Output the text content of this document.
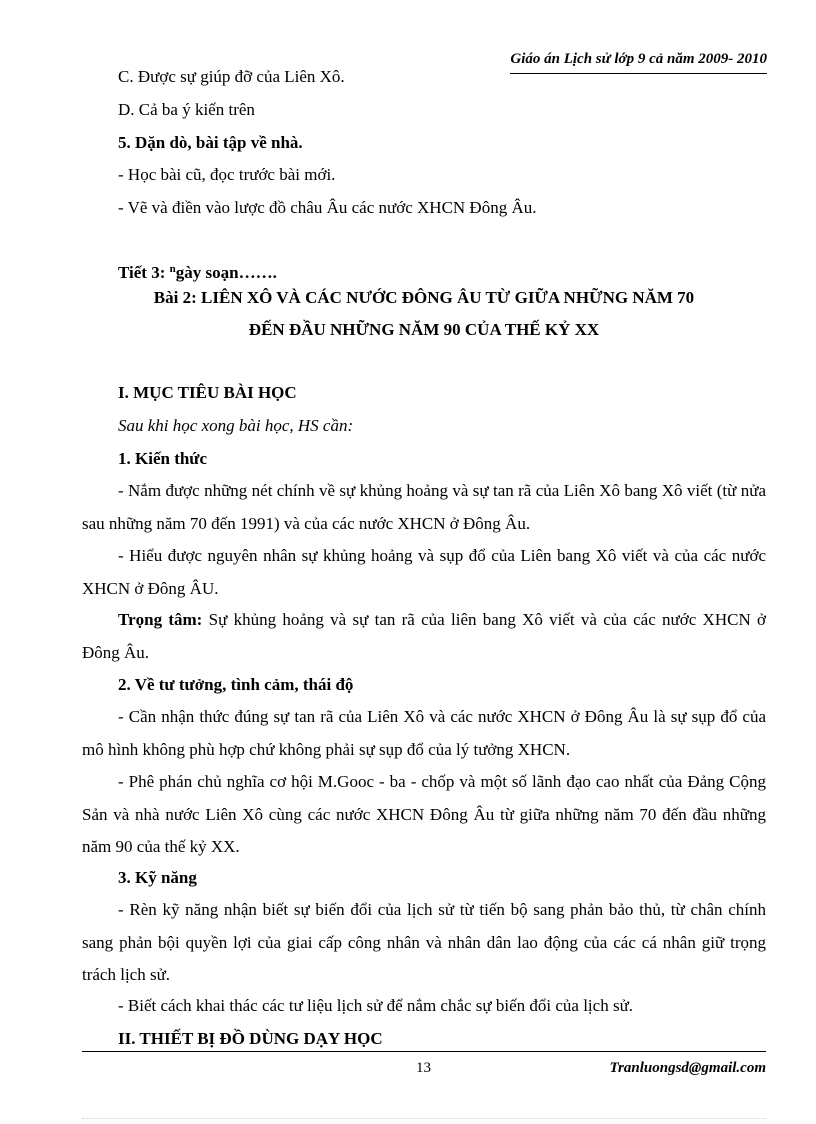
Giáo án Lịch sử lớp 9 cả năm 2009- 2010
C. Được sự giúp đỡ của Liên Xô.
D. Cả ba ý kiến trên
5. Dặn dò, bài tập về nhà.
- Học bài cũ, đọc trước bài mới.
- Vẽ và điền vào lược đồ châu Âu các nước XHCN Đông Âu.
Tiết 3: $^n$gày soạn…….
Bài 2: LIÊN XÔ VÀ CÁC NƯỚC ĐÔNG ÂU TỪ GIỮA NHỮNG NĂM 70
ĐẾN ĐẦU NHỮNG NĂM 90 CỦA THẾ KỶ XX
I. MỤC TIÊU BÀI HỌC
Sau khi học xong bài học, HS cần:
1. Kiến thức
- Nắm được những nét chính về sự khủng hoảng và sự tan rã của Liên Xô bang Xô viết (từ nửa sau những năm 70 đến 1991) và của các nước XHCN ở Đông Âu.
- Hiểu được nguyên nhân sự khủng hoảng và sụp đổ của Liên bang Xô viết và của các nước XHCN ở Đông ÂU.
Trọng tâm: Sự khủng hoảng và sự tan rã của liên bang Xô viết và của các nước XHCN ở Đông Âu.
2. Về tư tưởng, tình cảm, thái độ
- Cần nhận thức đúng sự tan rã của Liên Xô và các nước XHCN ở Đông Âu là sự sụp đổ của mô hình không phù hợp chứ không phải sự sụp đổ của lý tưởng XHCN.
- Phê phán chủ nghĩa cơ hội M.Gooc - ba - chốp và một số lãnh đạo cao nhất của Đảng Cộng Sản và nhà nước Liên Xô cùng các nước XHCN Đông Âu từ giữa những năm 70 đến đầu những năm 90 của thế kỷ XX.
3. Kỹ năng
- Rèn kỹ năng nhận biết sự biến đổi của lịch sử từ tiến bộ sang phản bảo thủ, từ chân chính sang phản bội quyền lợi của giai cấp công nhân và nhân dân lao động của các cá nhân giữ trọng trách lịch sử.
- Biết cách khai thác các tư liệu lịch sử để nắm chắc sự biến đổi của lịch sử.
II. THIẾT BỊ ĐỒ DÙNG DẠY HỌC
13	Tranluongsd@gmail.com
